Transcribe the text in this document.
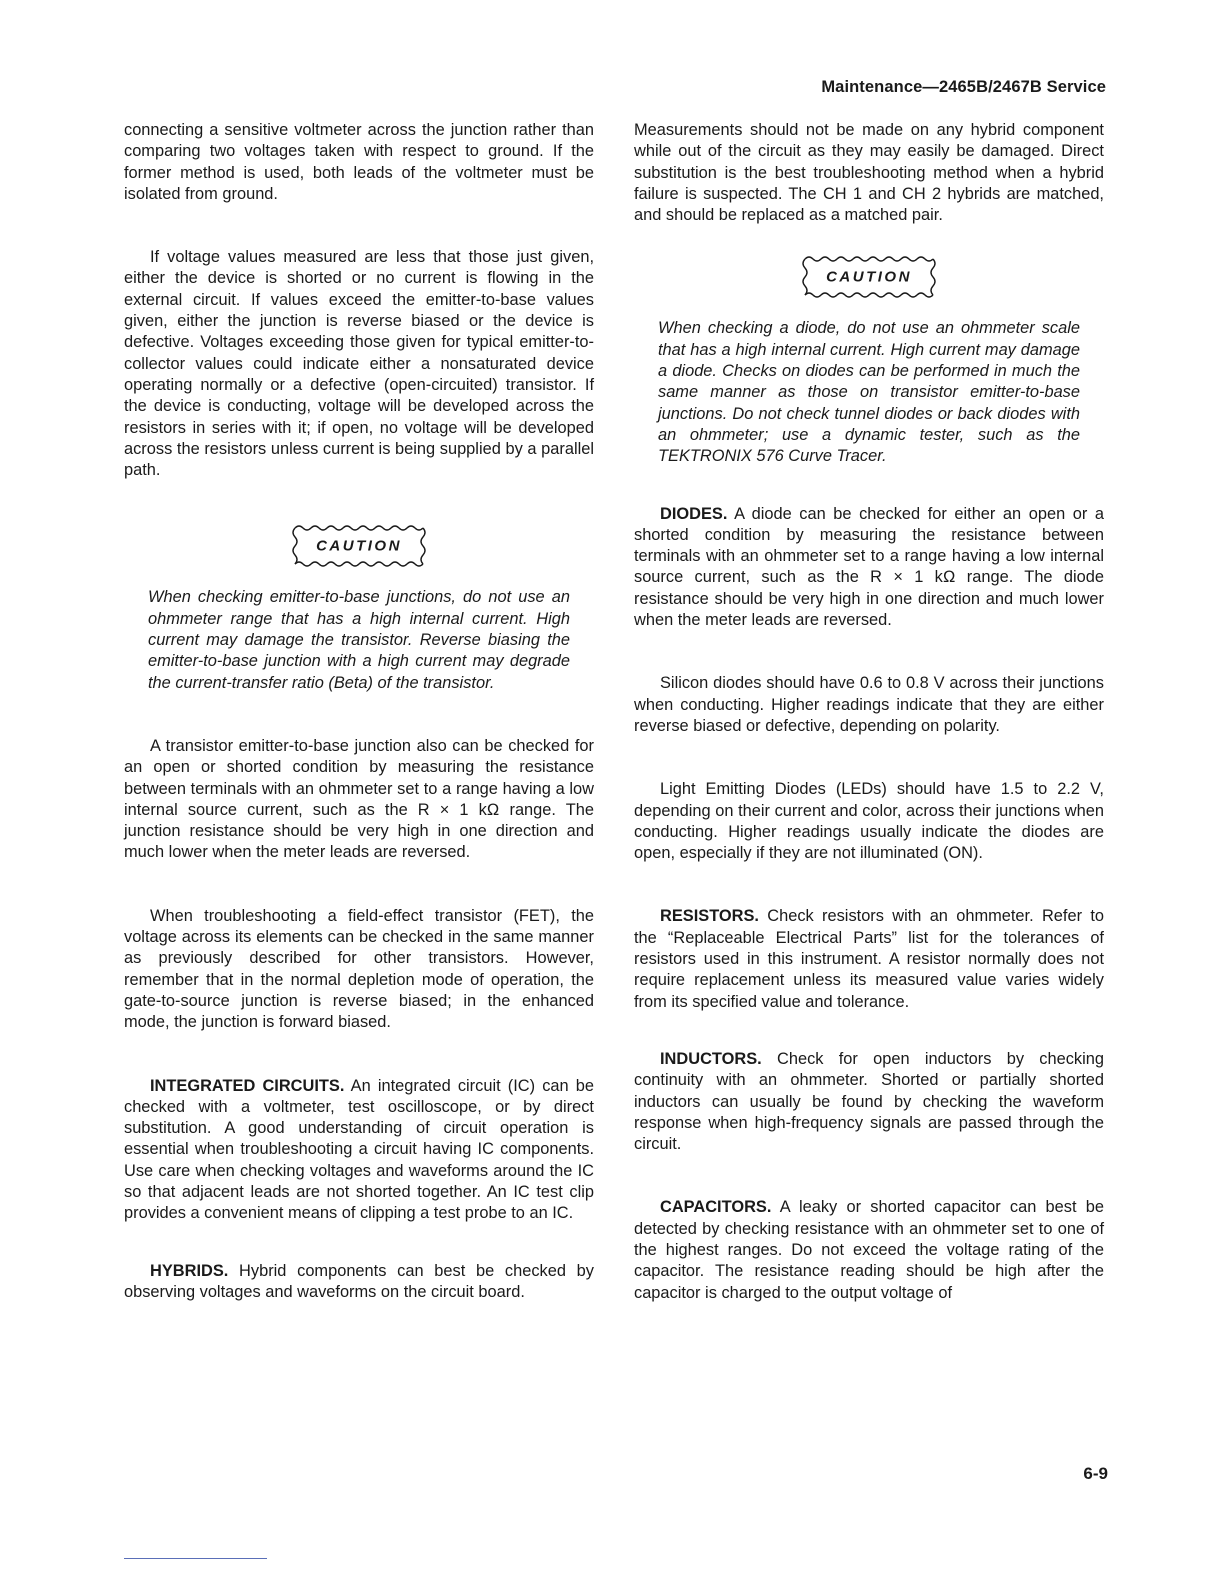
Maintenance—2465B/2467B Service

connecting a sensitive voltmeter across the junction rather than comparing two voltages taken with respect to ground. If the former method is used, both leads of the voltmeter must be isolated from ground.

If voltage values measured are less that those just given, either the device is shorted or no current is flowing in the external circuit. If values exceed the emitter-to-base values given, either the junction is reverse biased or the device is defective. Voltages exceeding those given for typical emitter-to-collector values could indicate either a nonsaturated device operating normally or a defective (open-circuited) transistor. If the device is conducting, voltage will be developed across the resistors in series with it; if open, no voltage will be developed across the resistors unless current is being supplied by a parallel path.

CAUTION

When checking emitter-to-base junctions, do not use an ohmmeter range that has a high internal current. High current may damage the transistor. Reverse biasing the emitter-to-base junction with a high current may degrade the current-transfer ratio (Beta) of the transistor.

A transistor emitter-to-base junction also can be checked for an open or shorted condition by measuring the resistance between terminals with an ohmmeter set to a range having a low internal source current, such as the R × 1 kΩ range. The junction resistance should be very high in one direction and much lower when the meter leads are reversed.

When troubleshooting a field-effect transistor (FET), the voltage across its elements can be checked in the same manner as previously described for other transistors. However, remember that in the normal depletion mode of operation, the gate-to-source junction is reverse biased; in the enhanced mode, the junction is forward biased.

INTEGRATED CIRCUITS. An integrated circuit (IC) can be checked with a voltmeter, test oscilloscope, or by direct substitution. A good understanding of circuit operation is essential when troubleshooting a circuit having IC components. Use care when checking voltages and waveforms around the IC so that adjacent leads are not shorted together. An IC test clip provides a convenient means of clipping a test probe to an IC.

HYBRIDS. Hybrid components can best be checked by observing voltages and waveforms on the circuit board.

Measurements should not be made on any hybrid component while out of the circuit as they may easily be damaged. Direct substitution is the best troubleshooting method when a hybrid failure is suspected. The CH 1 and CH 2 hybrids are matched, and should be replaced as a matched pair.

CAUTION

When checking a diode, do not use an ohmmeter scale that has a high internal current. High current may damage a diode. Checks on diodes can be performed in much the same manner as those on transistor emitter-to-base junctions. Do not check tunnel diodes or back diodes with an ohmmeter; use a dynamic tester, such as the TEKTRONIX 576 Curve Tracer.

DIODES. A diode can be checked for either an open or a shorted condition by measuring the resistance between terminals with an ohmmeter set to a range having a low internal source current, such as the R × 1 kΩ range. The diode resistance should be very high in one direction and much lower when the meter leads are reversed.

Silicon diodes should have 0.6 to 0.8 V across their junctions when conducting. Higher readings indicate that they are either reverse biased or defective, depending on polarity.

Light Emitting Diodes (LEDs) should have 1.5 to 2.2 V, depending on their current and color, across their junctions when conducting. Higher readings usually indicate the diodes are open, especially if they are not illuminated (ON).

RESISTORS. Check resistors with an ohmmeter. Refer to the “Replaceable Electrical Parts” list for the tolerances of resistors used in this instrument. A resistor normally does not require replacement unless its measured value varies widely from its specified value and tolerance.

INDUCTORS. Check for open inductors by checking continuity with an ohmmeter. Shorted or partially shorted inductors can usually be found by checking the waveform response when high-frequency signals are passed through the circuit.

CAPACITORS. A leaky or shorted capacitor can best be detected by checking resistance with an ohmmeter set to one of the highest ranges. Do not exceed the voltage rating of the capacitor. The resistance reading should be high after the capacitor is charged to the output voltage of

6-9
